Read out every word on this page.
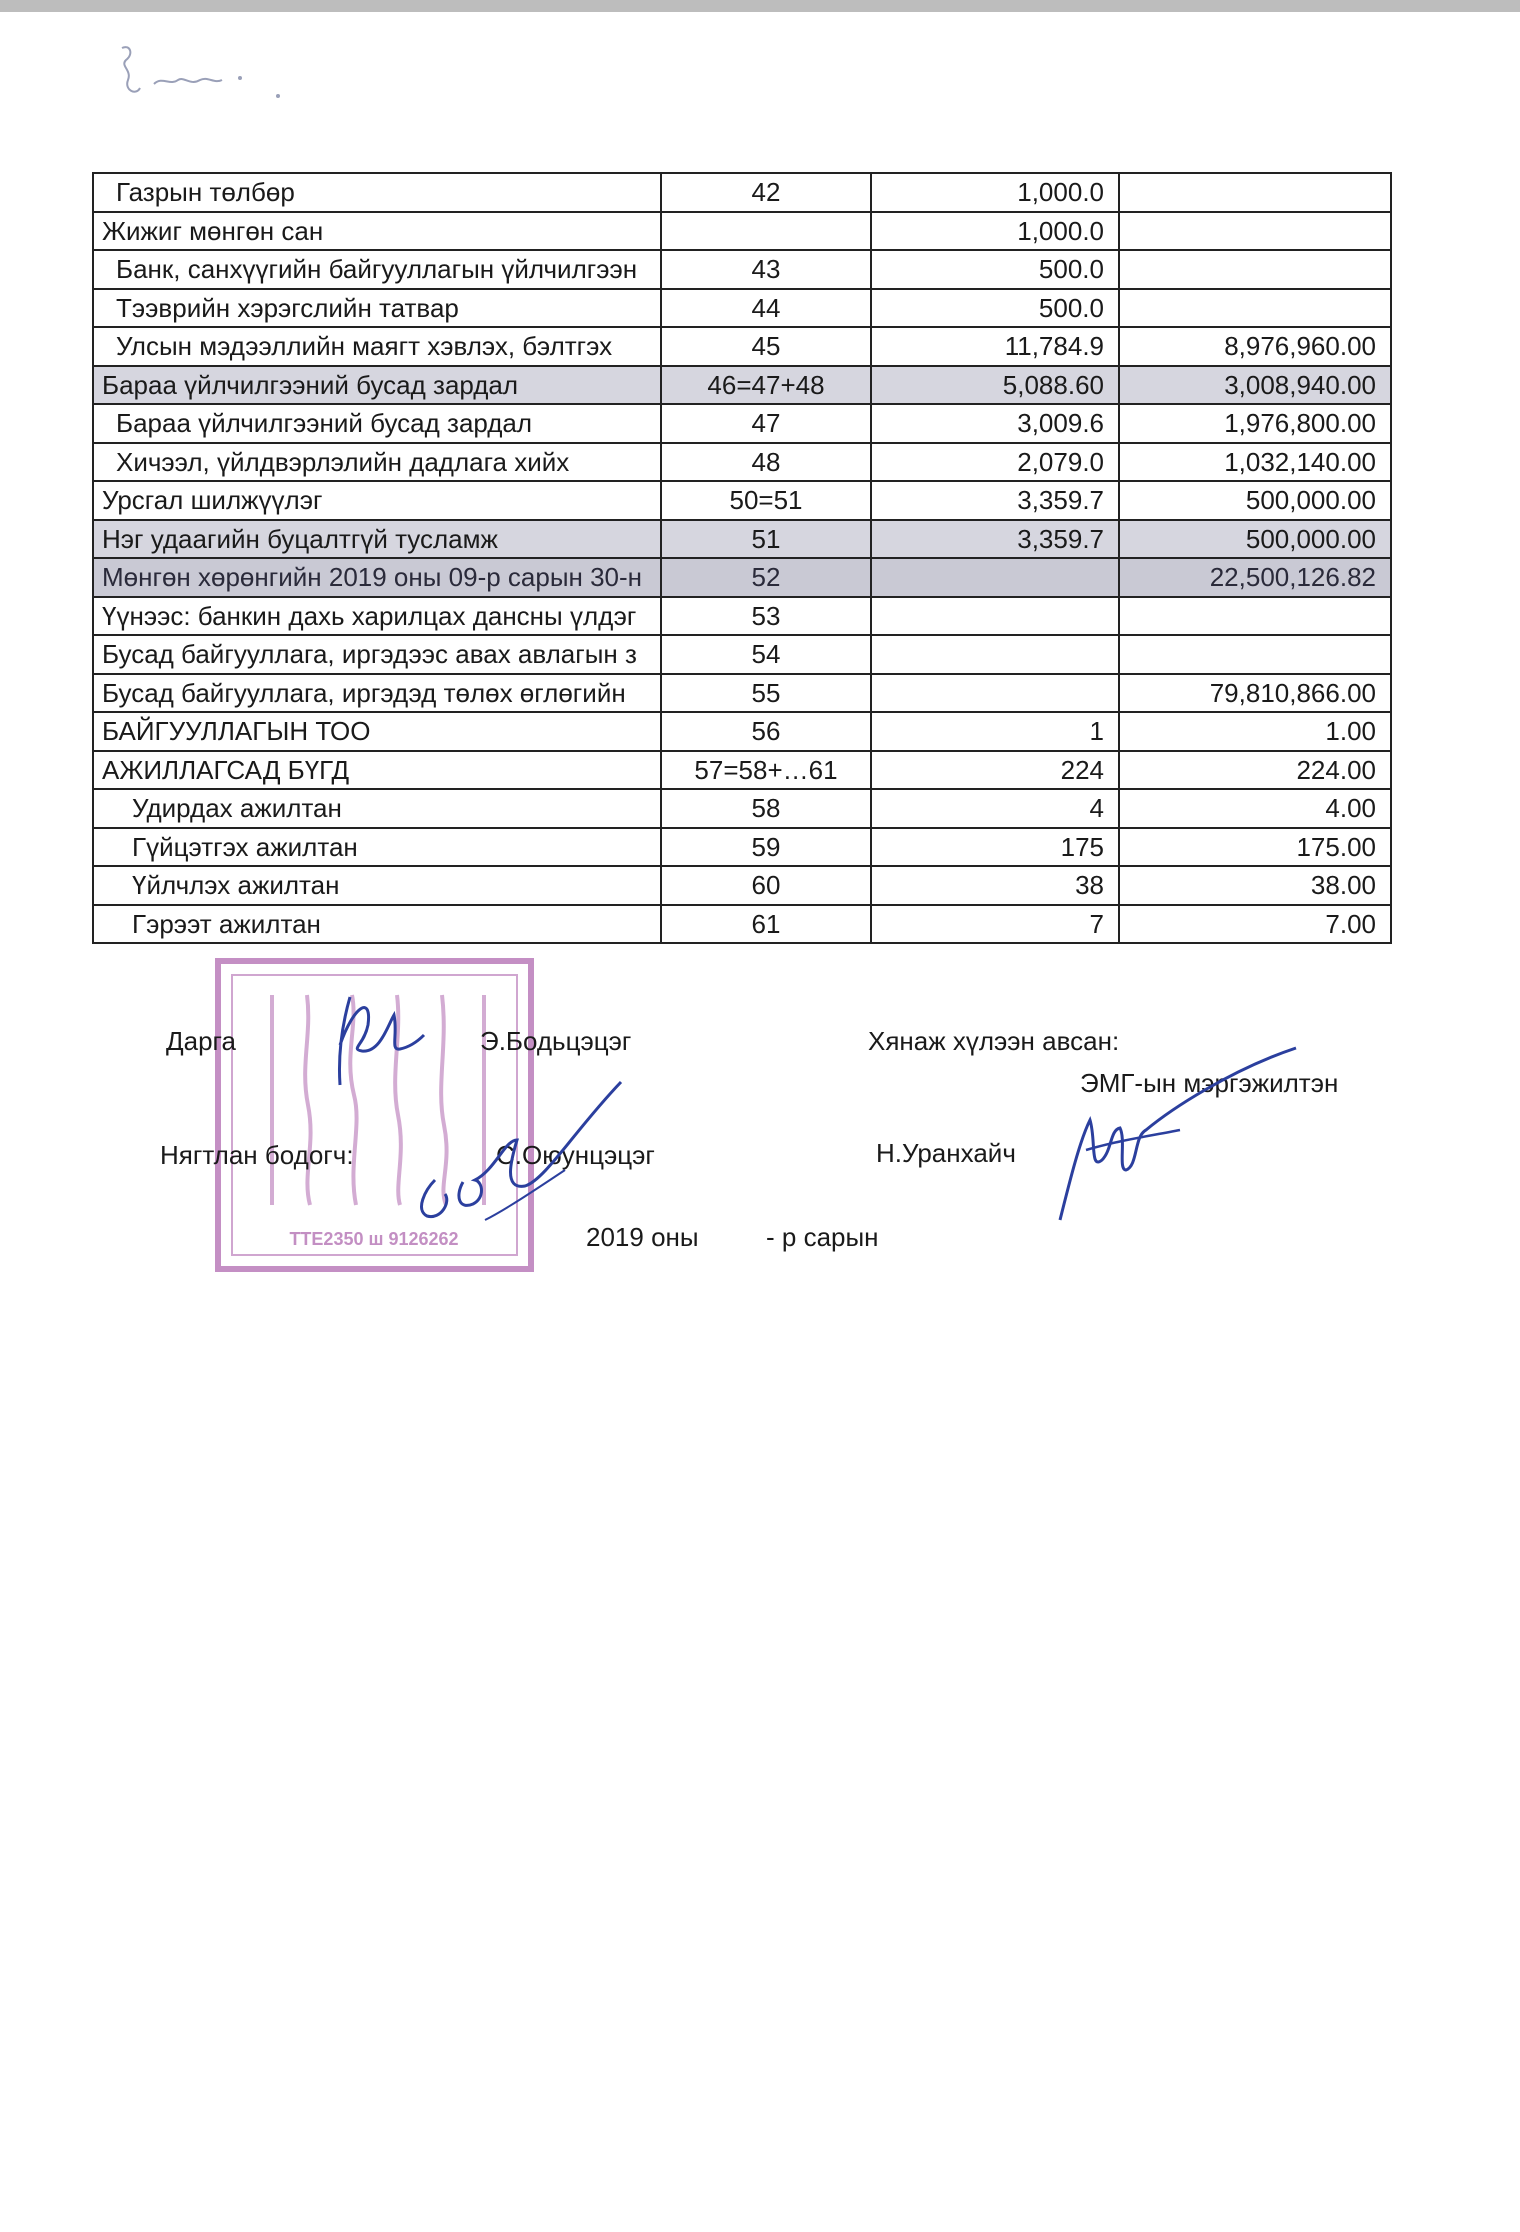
Газрын төлбөр	42	1,000.0	
Жижиг мөнгөн сан		1,000.0	
Банк, санхүүгийн байгууллагын үйлчилгээн	43	500.0	
Тээврийн хэрэгслийн татвар	44	500.0	
Улсын мэдээллийн маягт хэвлэх, бэлтгэх	45	11,784.9	8,976,960.00
Бараа үйлчилгээний бусад зардал	46=47+48	5,088.60	3,008,940.00
Бараа үйлчилгээний бусад зардал	47	3,009.6	1,976,800.00
Хичээл, үйлдвэрлэлийн дадлага хийх	48	2,079.0	1,032,140.00
Урсгал шилжүүлэг	50=51	3,359.7	500,000.00
Нэг удаагийн буцалтгүй тусламж	51	3,359.7	500,000.00
Мөнгөн хөрөнгийн 2019 оны 09-р сарын 30-н	52		22,500,126.82
Үүнээс: банкин дахь харилцах дансны үлдэг	53		
Бусад байгууллага, иргэдээс авах авлагын з	54		
Бусад байгууллага, иргэдэд төлөх өглөгийн	55		79,810,866.00
БАЙГУУЛЛАГЫН ТОО	56	1	1.00
АЖИЛЛАГСАД БҮГД	57=58+…61	224	224.00
Удирдах ажилтан	58	4	4.00
Гүйцэтгэх ажилтан	59	175	175.00
Үйлчлэх ажилтан	60	38	38.00
Гэрээт ажилтан	61	7	7.00
ТТЕ2350 ш 9126262
Дарга	Э.Бодьцэцэг	Хянаж хүлээн авсан:
ЭМГ-ын мэргэжилтэн
Нягтлан бодогч:	С.Оюунцэцэг	Н.Уранхайч
2019 оны	- р сарын
